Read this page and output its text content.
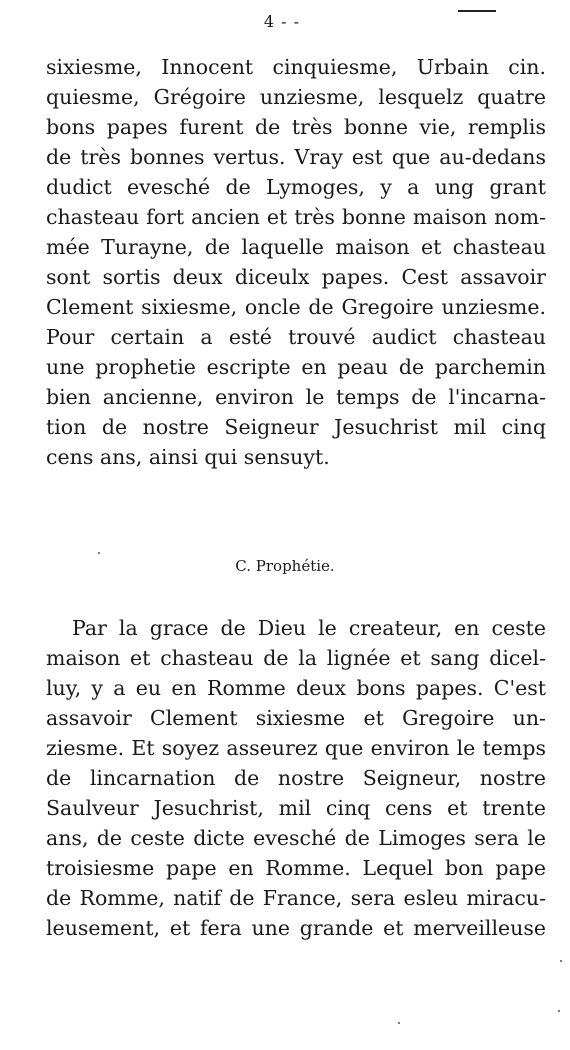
4 - -
sixiesme, Innocent cinquiesme, Urbain cin.
quiesme, Grégoire unziesme, lesquelz quatre
bons papes furent de très bonne vie, remplis
de très bonnes vertus. Vray est que au-dedans
dudict evesché de Lymoges, y a ung grant
chasteau fort ancien et très bonne maison nom-
mée Turayne, de laquelle maison et chasteau
sont sortis deux diceulx papes. Cest assavoir
Clement sixiesme, oncle de Gregoire unziesme.
Pour certain a esté trouvé audict chasteau
une prophetie escripte en peau de parchemin
bien ancienne, environ le temps de l'incarna-
tion de nostre Seigneur Jesuchrist mil cinq
cens ans, ainsi qui sensuyt.
C. Prophétie.
Par la grace de Dieu le createur, en ceste
maison et chasteau de la lignée et sang dicel-
luy, y a eu en Romme deux bons papes. C'est
assavoir Clement sixiesme et Gregoire un-
ziesme. Et soyez asseurez que environ le temps
de lincarnation de nostre Seigneur, nostre
Saulveur Jesuchrist, mil cinq cens et trente
ans, de ceste dicte evesché de Limoges sera le
troisiesme pape en Romme. Lequel bon pape
de Romme, natif de France, sera esleu miracu-
leusement, et fera une grande et merveilleuse
